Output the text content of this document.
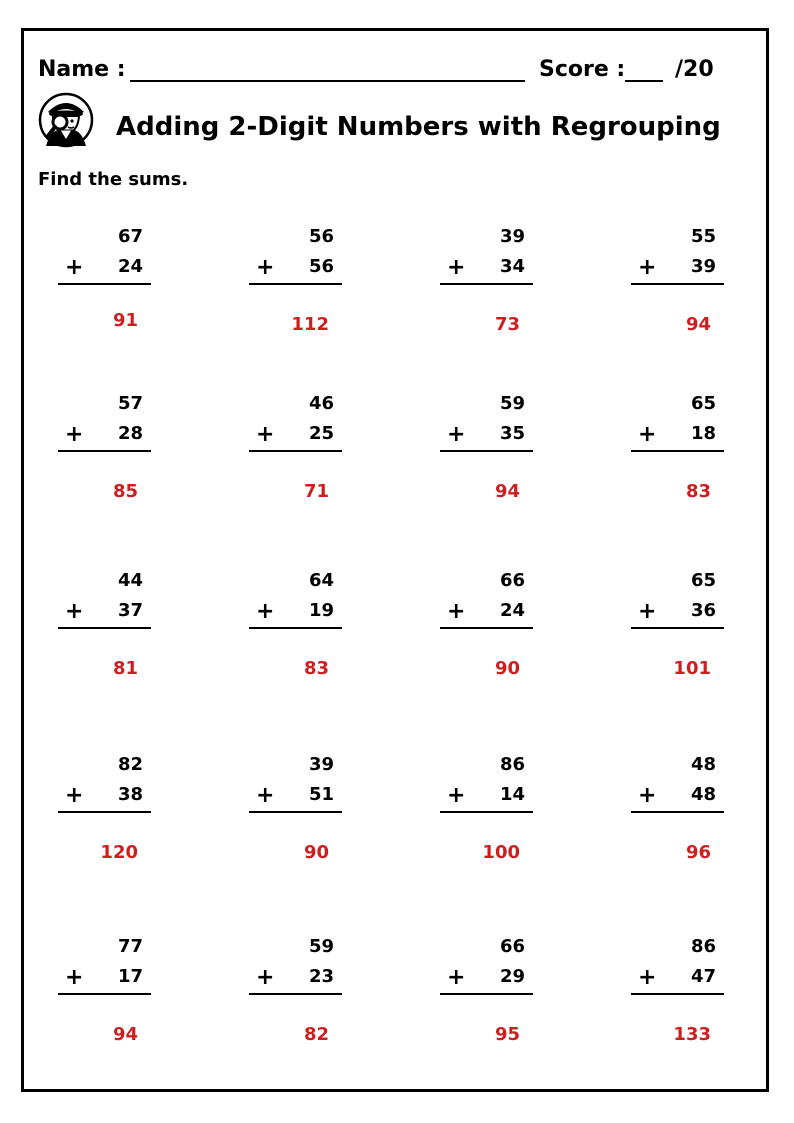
Name :	Score : /20
Adding 2-Digit Numbers with Regrouping
Find the sums.
67
+ 24
91
56
+ 56
112
39
+ 34
73
55
+ 39
94
57
+ 28
85
46
+ 25
71
59
+ 35
94
65
+ 18
83
44
+ 37
81
64
+ 19
83
66
+ 24
90
65
+ 36
101
82
+ 38
120
39
+ 51
90
86
+ 14
100
48
+ 48
96
77
+ 17
94
59
+ 23
82
66
+ 29
95
86
+ 47
133
